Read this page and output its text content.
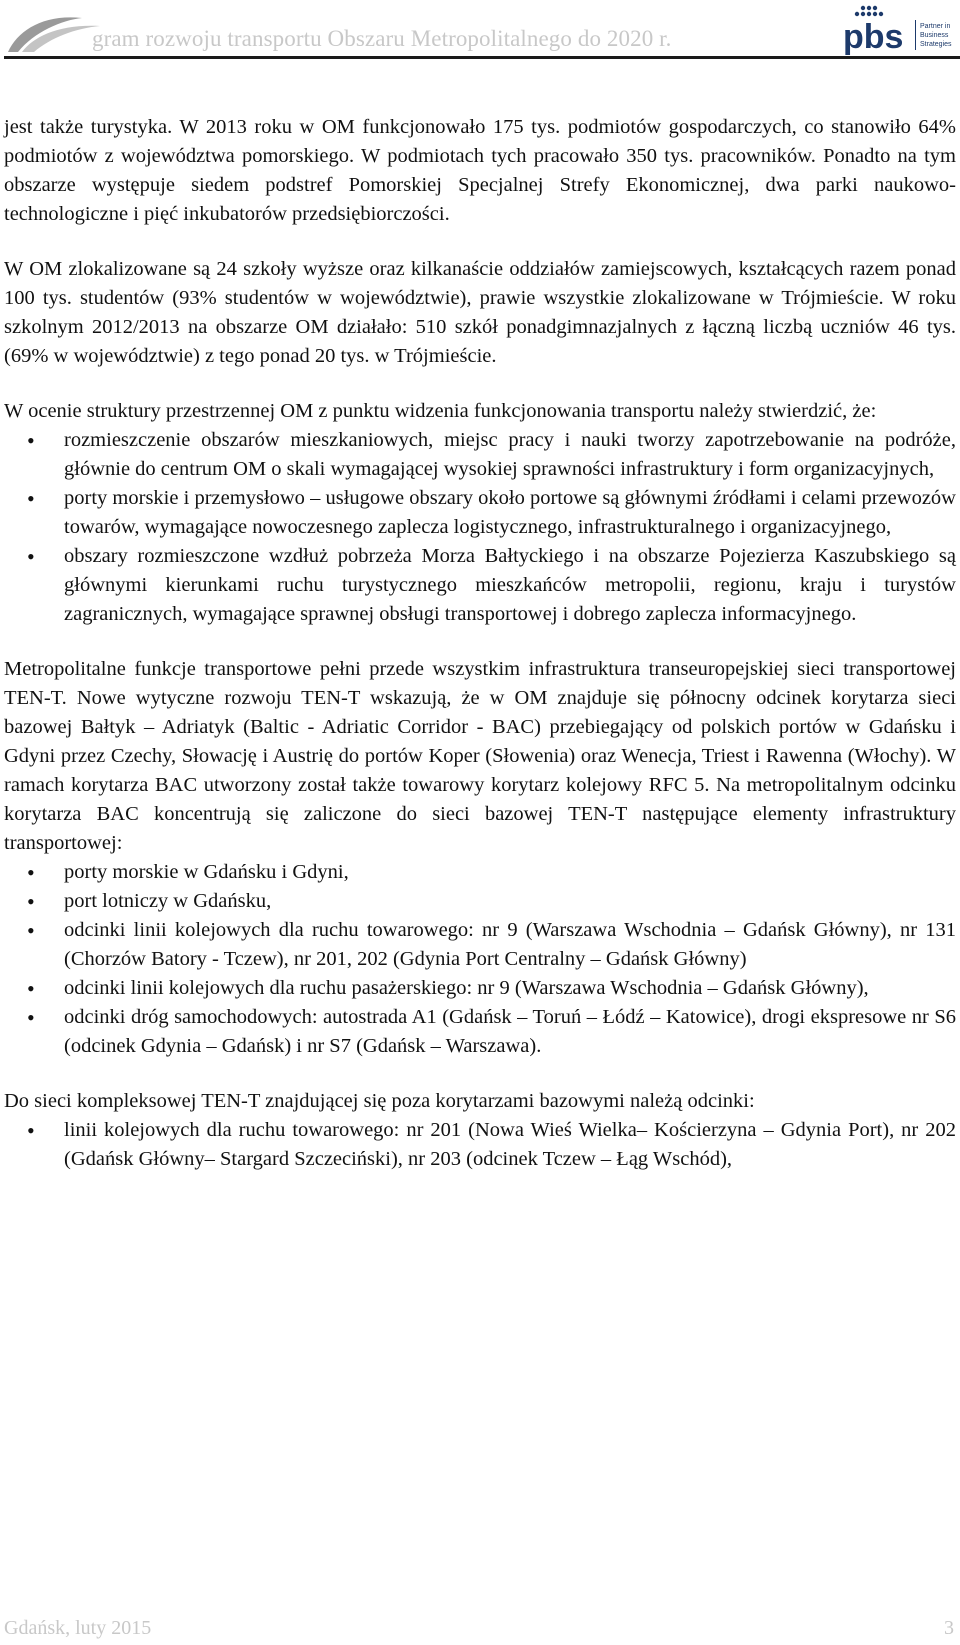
gram rozwoju transportu Obszaru Metropolitalnego do 2020 r.	pbs Partner in
Business
Strategies

jest także turystyka. W 2013 roku w OM funkcjonowało 175 tys. podmiotów gospodarczych, co stanowiło 64% podmiotów z województwa pomorskiego. W podmiotach tych pracowało 350 tys. pracowników. Ponadto na tym obszarze występuje siedem podstref Pomorskiej Specjalnej Strefy Ekonomicznej, dwa parki naukowo-technologiczne i pięć inkubatorów przedsiębiorczości.

W OM zlokalizowane są 24 szkoły wyższe oraz kilkanaście oddziałów zamiejscowych, kształcących razem ponad 100 tys. studentów (93% studentów w województwie), prawie wszystkie zlokalizowane w Trójmieście. W roku szkolnym 2012/2013 na obszarze OM działało: 510 szkół ponadgimnazjalnych z łączną liczbą uczniów 46 tys. (69% w województwie) z tego ponad 20 tys. w Trójmieście.

W ocenie struktury przestrzennej OM z punktu widzenia funkcjonowania transportu należy stwierdzić, że:

• rozmieszczenie obszarów mieszkaniowych, miejsc pracy i nauki tworzy zapotrzebowanie na podróże, głównie do centrum OM o skali wymagającej wysokiej sprawności infrastruktury i form organizacyjnych,
• porty morskie i przemysłowo – usługowe obszary około portowe są głównymi źródłami i celami przewozów towarów, wymagające nowoczesnego zaplecza logistycznego, infrastrukturalnego i organizacyjnego,
• obszary rozmieszczone wzdłuż pobrzeża Morza Bałtyckiego i na obszarze Pojezierza Kaszubskiego są głównymi kierunkami ruchu turystycznego mieszkańców metropolii, regionu, kraju i turystów zagranicznych, wymagające sprawnej obsługi transportowej i dobrego zaplecza informacyjnego.

Metropolitalne funkcje transportowe pełni przede wszystkim infrastruktura transeuropejskiej sieci transportowej TEN-T. Nowe wytyczne rozwoju TEN-T wskazują, że w OM znajduje się północny odcinek korytarza sieci bazowej Bałtyk – Adriatyk (Baltic - Adriatic Corridor - BAC) przebiegający od polskich portów w Gdańsku i Gdyni przez Czechy, Słowację i Austrię do portów Koper (Słowenia) oraz Wenecja, Triest i Rawenna (Włochy). W ramach korytarza BAC utworzony został także towarowy korytarz kolejowy RFC 5. Na metropolitalnym odcinku korytarza BAC koncentrują się zaliczone do sieci bazowej TEN-T następujące elementy infrastruktury transportowej:

• porty morskie w Gdańsku i Gdyni,
• port lotniczy w Gdańsku,
• odcinki linii kolejowych dla ruchu towarowego: nr 9 (Warszawa Wschodnia – Gdańsk Główny), nr 131 (Chorzów Batory - Tczew), nr 201, 202 (Gdynia Port Centralny – Gdańsk Główny)
• odcinki linii kolejowych dla ruchu pasażerskiego: nr 9 (Warszawa Wschodnia – Gdańsk Główny),
• odcinki dróg samochodowych: autostrada A1 (Gdańsk – Toruń – Łódź – Katowice), drogi ekspresowe nr S6 (odcinek Gdynia – Gdańsk) i nr S7 (Gdańsk – Warszawa).

Do sieci kompleksowej TEN-T znajdującej się poza korytarzami bazowymi należą odcinki:

• linii kolejowych dla ruchu towarowego: nr 201 (Nowa Wieś Wielka– Kościerzyna – Gdynia Port), nr 202 (Gdańsk Główny– Stargard Szczeciński), nr 203 (odcinek Tczew – Łąg Wschód),
Gdańsk, luty 2015	3
